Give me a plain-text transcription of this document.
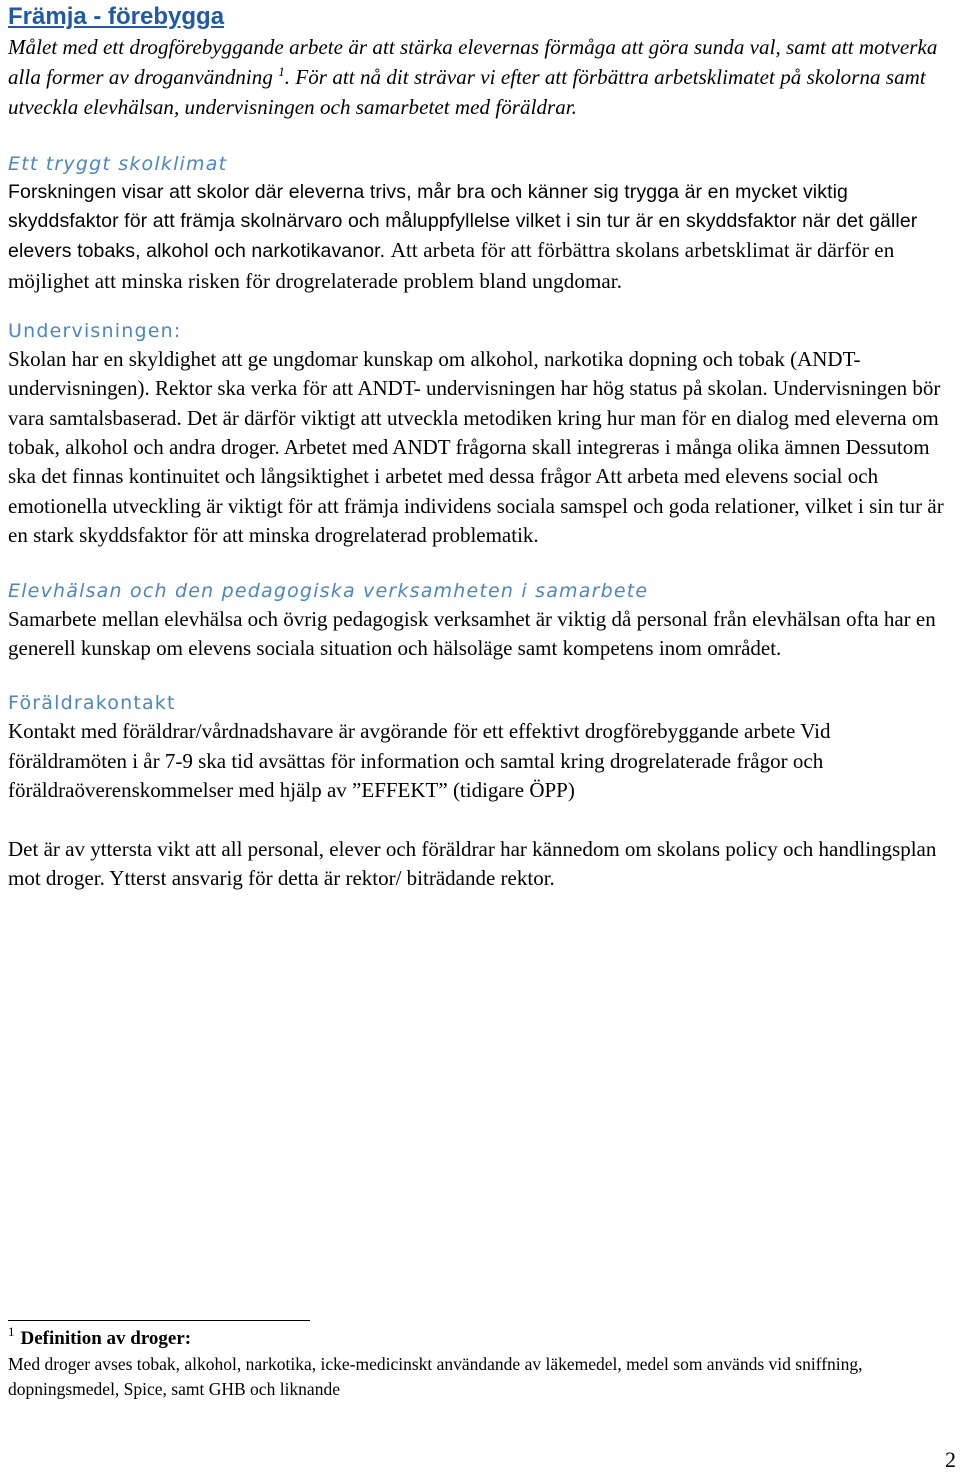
Främja - förebygga

Målet med ett drogförebyggande arbete är att stärka elevernas förmåga att göra sunda val, samt att motverka alla former av droganvändning $^1$. För att nå dit strävar vi efter att förbättra arbetsklimatet på skolorna samt utveckla elevhälsan, undervisningen och samarbetet med föräldrar.

Ett tryggt skolklimat

Forskningen visar att skolor där eleverna trivs, mår bra och känner sig trygga är en mycket viktig skyddsfaktor för att främja skolnärvaro och måluppfyllelse vilket i sin tur är en skyddsfaktor när det gäller elevers tobaks, alkohol och narkotikavanor. Att arbeta för att förbättra skolans arbetsklimat är därför en möjlighet att minska risken för drogrelaterade problem bland ungdomar.

Undervisningen:

Skolan har en skyldighet att ge ungdomar kunskap om alkohol, narkotika dopning och tobak (ANDT- undervisningen). Rektor ska verka för att ANDT- undervisningen har hög status på skolan. Undervisningen bör vara samtalsbaserad. Det är därför viktigt att utveckla metodiken kring hur man för en dialog med eleverna om tobak, alkohol och andra droger. Arbetet med ANDT frågorna skall integreras i många olika ämnen Dessutom ska det finnas kontinuitet och långsiktighet i arbetet med dessa frågor Att arbeta med elevens social och emotionella utveckling är viktigt för att främja individens sociala samspel och goda relationer, vilket i sin tur är en stark skyddsfaktor för att minska drogrelaterad problematik.

Elevhälsan och den pedagogiska verksamheten i samarbete

Samarbete mellan elevhälsa och övrig pedagogisk verksamhet är viktig då personal från elevhälsan ofta har en generell kunskap om elevens sociala situation och hälsoläge samt kompetens inom området.

Föräldrakontakt

Kontakt med föräldrar/vårdnadshavare är avgörande för ett effektivt drogförebyggande arbete Vid föräldramöten i år 7-9 ska tid avsättas för information och samtal kring drogrelaterade frågor och föräldraöverenskommelser med hjälp av ”EFFEKT” (tidigare ÖPP)

Det är av yttersta vikt att all personal, elever och föräldrar har kännedom om skolans policy och handlingsplan mot droger. Ytterst ansvarig för detta är rektor/ biträdande rektor.

$^1$ Definition av droger:

Med droger avses tobak, alkohol, narkotika, icke-medicinskt användande av läkemedel, medel som används vid sniffning, dopningsmedel, Spice, samt GHB och liknande

2
